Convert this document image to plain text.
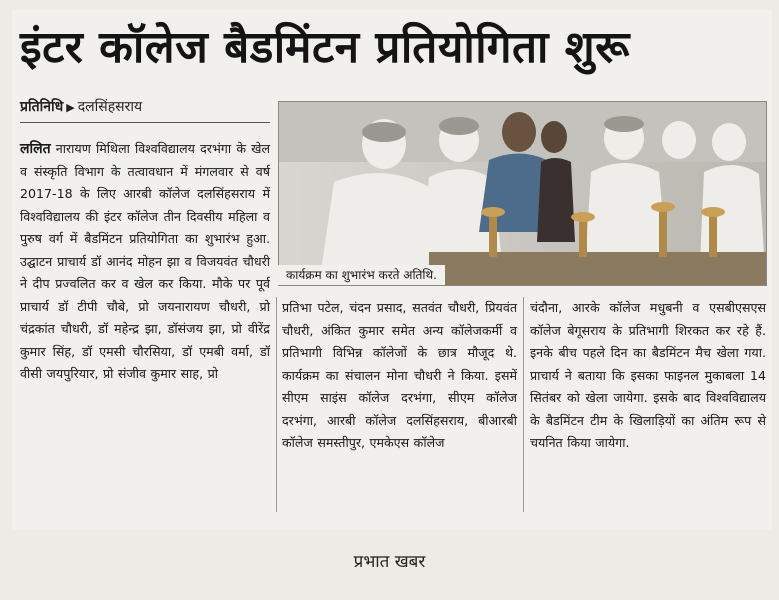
इंटर कॉलेज बैडमिंटन प्रतियोगिता शुरू
प्रतिनिधि ▶ दलसिंहसराय
कार्यक्रम का शुभारंभ करते अतिथि.
ललित नारायण मिथिला विश्वविद्यालय दरभंगा के खेल व संस्कृति विभाग के तत्वावधान में मंगलवार से वर्ष 2017-18 के लिए आरबी कॉलेज दलसिंहसराय में विश्वविद्यालय की इंटर कॉलेज तीन दिवसीय महिला व पुरुष वर्ग में बैडमिंटन प्रतियोगिता का शुभारंभ हुआ. उद्घाटन प्राचार्य डॉ आनंद मोहन झा व विजयवंत चौधरी ने दीप प्रज्वलित कर व खेल कर किया. मौके पर पूर्व प्राचार्य डॉ टीपी चौबे, प्रो जयनारायण चौधरी, प्रो चंद्रकांत चौधरी, डॉ महेन्द्र झा, डॉसंजय झा, प्रो वीरेंद्र कुमार सिंह, डॉ एमसी चौरसिया, डॉ एमबी वर्मा, डॉ वीसी जयपुरियार, प्रो संजीव कुमार साह, प्रो
प्रतिभा पटेल, चंदन प्रसाद, सतवंत चौधरी, प्रियवंत चौधरी, अंकित कुमार समेत अन्य कॉलेजकर्मी व प्रतिभागी विभिन्न कॉलेजों के छात्र मौजूद थे. कार्यक्रम का संचालन मोना चौधरी ने किया. इसमें सीएम साइंस कॉलेज दरभंगा, सीएम कॉलेज दरभंगा, आरबी कॉलेज दलसिंहसराय, बीआरबी कॉलेज समस्तीपुर, एमकेएस कॉलेज
चंदौना, आरके कॉलेज मधुबनी व एसबीएसएस कॉलेज बेगूसराय के प्रतिभागी शिरकत कर रहे हैं. इनके बीच पहले दिन का बैडमिंटन मैच खेला गया. प्राचार्य ने बताया कि इसका फाइनल मुकाबला 14 सितंबर को खेला जायेगा. इसके बाद विश्वविद्यालय के बैडमिंटन टीम के खिलाड़ियों का अंतिम रूप से चयनित किया जायेगा.
प्रभात खबर
